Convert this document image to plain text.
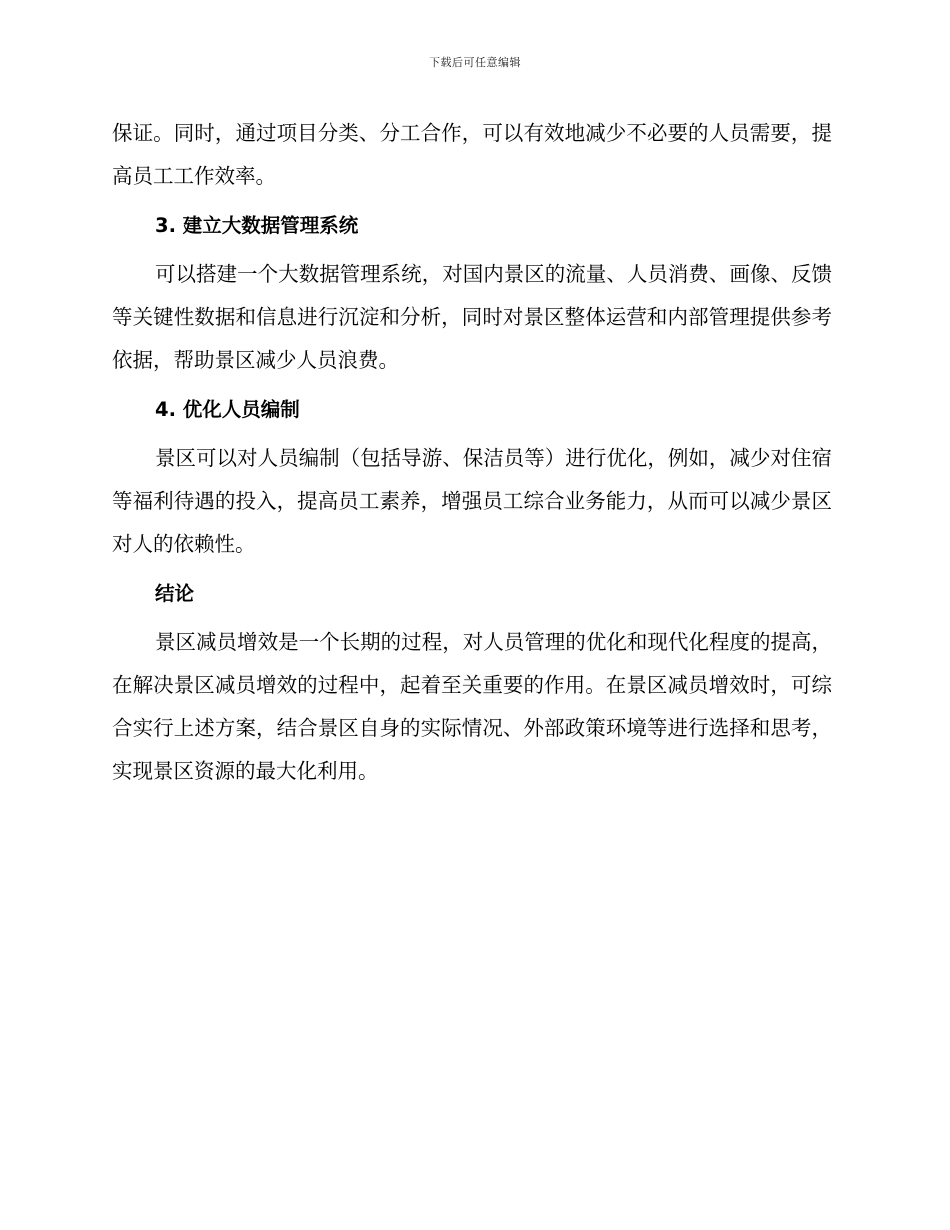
下载后可任意编辑

保证。同时，通过项目分类、分工合作，可以有效地减少不必要的人员需要，提高员工工作效率。

3. 建立大数据管理系统

可以搭建一个大数据管理系统，对国内景区的流量、人员消费、画像、反馈等关键性数据和信息进行沉淀和分析，同时对景区整体运营和内部管理提供参考依据，帮助景区减少人员浪费。

4. 优化人员编制

景区可以对人员编制（包括导游、保洁员等）进行优化，例如，减少对住宿等福利待遇的投入，提高员工素养，增强员工综合业务能力，从而可以减少景区对人的依赖性。

结论

景区减员增效是一个长期的过程，对人员管理的优化和现代化程度的提高，在解决景区减员增效的过程中，起着至关重要的作用。在景区减员增效时，可综合实行上述方案，结合景区自身的实际情况、外部政策环境等进行选择和思考，实现景区资源的最大化利用。
